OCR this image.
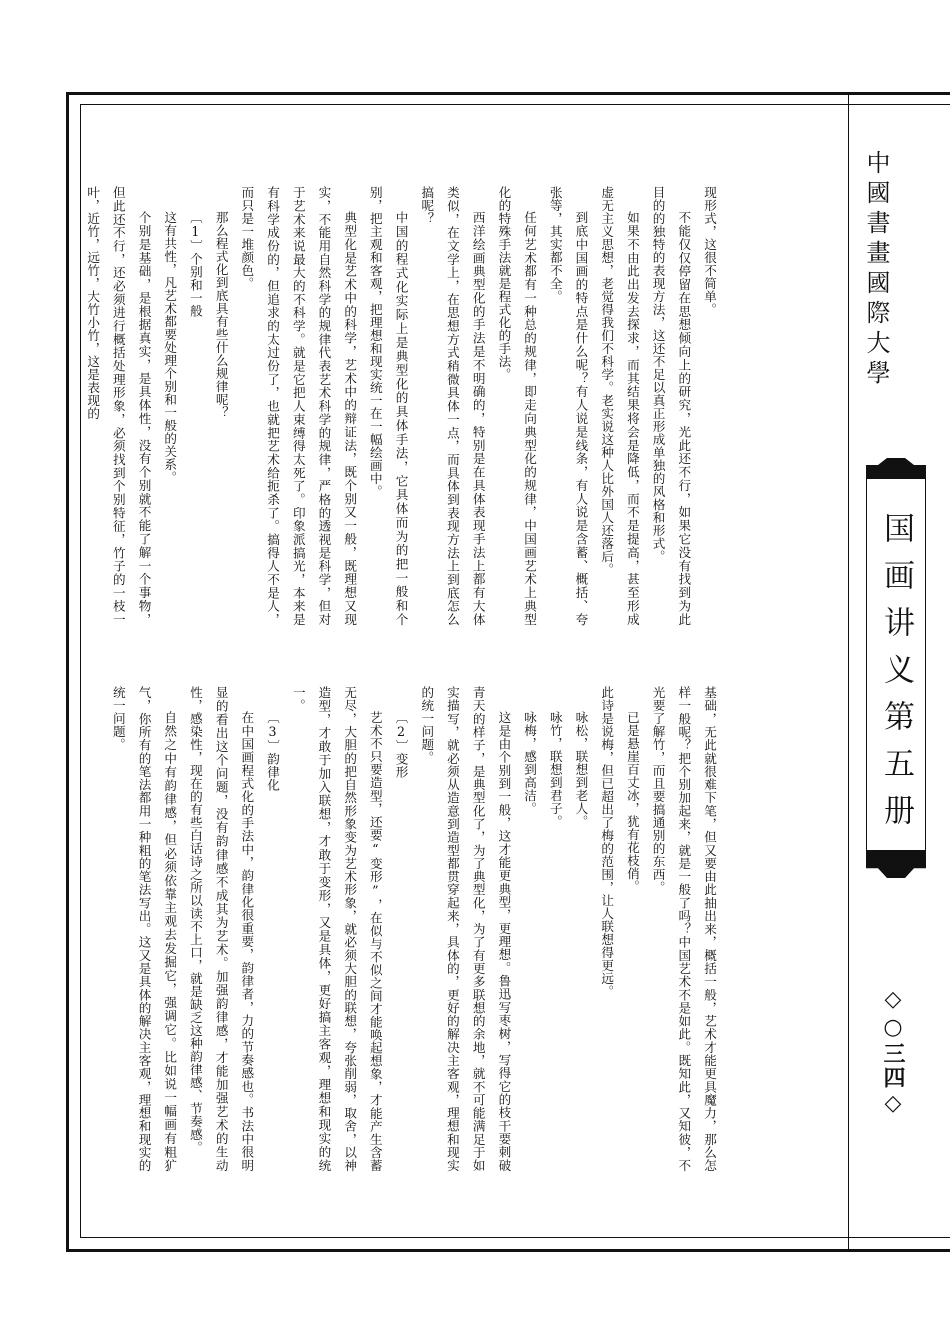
中國書畫國際大學
国画讲义第五册
◇○三四◇
现形式，这很不简单。
不能仅仅停留在思想倾向上的研究，光此还不行，如果它没有找到为此目的的独特的表现方法，这还不足以真正形成单独的风格和形式。
如果不由此出发去探求，而其结果将会是降低，而不是提高，甚至形成虚无主义思想，老觉得我们不科学。老实说这种人比外国人还落后。
到底中国画的特点是什么呢？有人说是线条，有人说是含蓄、概括、夸张等，其实都不全。
任何艺术都有一种总的规律，即走向典型化的规律，中国画艺术上典型化的特殊手法就是程式化的手法。
西洋绘画典型化的手法是不明确的，特别是在具体表现手法上都有大体类似，在文学上，在思想方式稍微具体一点，而具体到表现方法上到底怎么搞呢？
中国的程式化实际上是典型化的具体手法，它具体而为的把一般和个别，把主观和客观，把理想和现实统一在一幅绘画中。
典型化是艺术中的科学，艺术中的辩证法，既个别又一般，既理想又现实，不能用自然科学的规律代表艺术科学的规律，严格的透视是科学，但对于艺术来说最大的不科学。就是它把人束缚得太死了。印象派搞光，本来是有科学成份的，但追求的太过份了，也就把艺术给扼杀了。搞得人不是人，而只是一堆颜色。
那么程式化到底具有些什么规律呢？
〔1〕个别和一般
这有共性，凡艺术都要处理个别和一般的关系。
个别是基础，是根据真实，是具体性，没有个别就不能了解一个事物，但此还不行，还必须进行概括处理形象，必须找到个别特征，竹子的一枝一叶，近竹，远竹，大竹小竹，这是表现的
基础，无此就很难下笔，但又要由此抽出来，概括一般，艺术才能更具魔力，那么怎样一般呢？把个别加起来，就是一般了吗？中国艺术不是如此。既知此，又知彼，不光要了解竹，而且要搞通别的东西。
已是悬崖百丈冰，犹有花枝俏。
此诗是说梅，但已超出了梅的范围，让人联想得更远。
咏松，联想到老人。
咏竹，联想到君子。
咏梅，感到高洁。
这是由个别到一般，这才能更典型，更理想。鲁迅写枣树，写得它的枝干要刺破青天的样子，是典型化了，为了典型化，为了有更多联想的余地，就不可能满足于如实描写，就必须从造意到造型都贯穿起来，具体的，更好的解决主客观，理想和现实的统一问题。
〔2〕变形
艺术不只要造型，还要“变形”，在似与不似之间才能唤起想象，才能产生含蓄无尽，大胆的把自然形象变为艺术形象，就必须大胆的联想，夸张削弱，取舍，以神造型，才敢于加入联想，才敢于变形，又是具体，更好搞主客观，理想和现实的统一。
〔3〕韵律化
在中国画程式化的手法中，韵律化很重要，韵律者，力的节奏感也。书法中很明显的看出这个问题，没有韵律感不成其为艺术。加强韵律感，才能加强艺术的生动性，感染性，现在的有些白话诗之所以读不上口，就是缺乏这种韵律感、节奏感。
自然之中有韵律感，但必须依靠主观去发掘它，强调它。比如说一幅画有粗犷气，你所有的笔法都用一种粗的笔法写出。这又是具体的解决主客观，理想和现实的统一问题。
